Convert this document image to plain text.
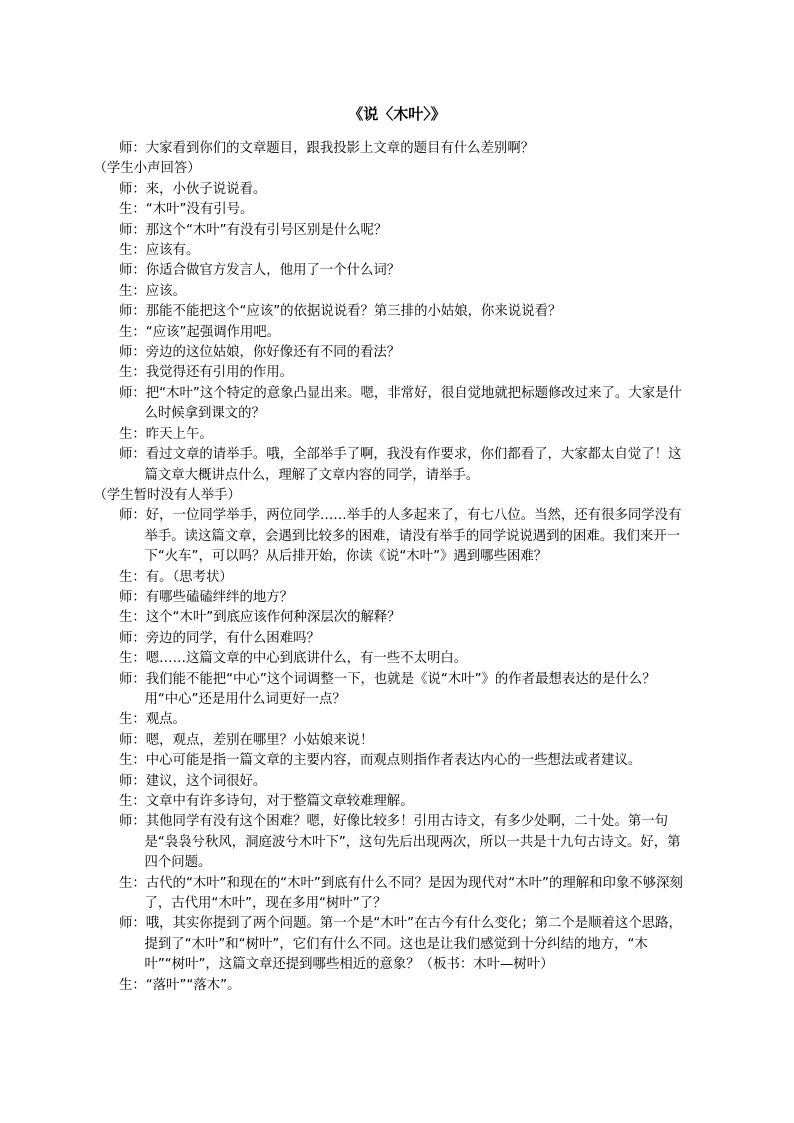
《说〈木叶〉》
师：大家看到你们的文章题目，跟我投影上文章的题目有什么差别啊？
（学生小声回答）
师：来，小伙子说说看。
生：“木叶”没有引号。
师：那这个“木叶”有没有引号区别是什么呢？
生：应该有。
师：你适合做官方发言人，他用了一个什么词？
生：应该。
师：那能不能把这个“应该”的依据说说看？第三排的小姑娘，你来说说看？
生：“应该”起强调作用吧。
师：旁边的这位姑娘，你好像还有不同的看法？
生：我觉得还有引用的作用。
师：把“木叶”这个特定的意象凸显出来。嗯，非常好，很自觉地就把标题修改过来了。大家是什么时候拿到课文的？
生：昨天上午。
师：看过文章的请举手。哦，全部举手了啊，我没有作要求，你们都看了，大家都太自觉了！这篇文章大概讲点什么，理解了文章内容的同学，请举手。
（学生暂时没有人举手）
师：好，一位同学举手，两位同学……举手的人多起来了，有七八位。当然，还有很多同学没有举手。读这篇文章，会遇到比较多的困难，请没有举手的同学说说遇到的困难。我们来开一下“火车”，可以吗？从后排开始，你读《说“木叶”》遇到哪些困难？
生：有。（思考状）
师：有哪些磕磕绊绊的地方？
生：这个“木叶”到底应该作何种深层次的解释？
师：旁边的同学，有什么困难吗？
生：嗯……这篇文章的中心到底讲什么，有一些不太明白。
师：我们能不能把“中心”这个词调整一下，也就是《说“木叶”》的作者最想表达的是什么？用“中心”还是用什么词更好一点？
生：观点。
师：嗯，观点，差别在哪里？小姑娘来说！
生：中心可能是指一篇文章的主要内容，而观点则指作者表达内心的一些想法或者建议。
师：建议，这个词很好。
生：文章中有许多诗句，对于整篇文章较难理解。
师：其他同学有没有这个困难？嗯，好像比较多！引用古诗文，有多少处啊，二十处。第一句是“袅袅兮秋风，洞庭波兮木叶下”，这句先后出现两次，所以一共是十九句古诗文。好，第四个问题。
生：古代的“木叶”和现在的“木叶”到底有什么不同？是因为现代对“木叶”的理解和印象不够深刻了，古代用“木叶”，现在多用“树叶”了？
师：哦，其实你提到了两个问题。第一个是“木叶”在古今有什么变化；第二个是顺着这个思路，提到了“木叶”和“树叶”，它们有什么不同。这也是让我们感觉到十分纠结的地方，“木叶”“树叶”，这篇文章还提到哪些相近的意象？（板书：木叶—树叶）
生：“落叶”“落木”。
